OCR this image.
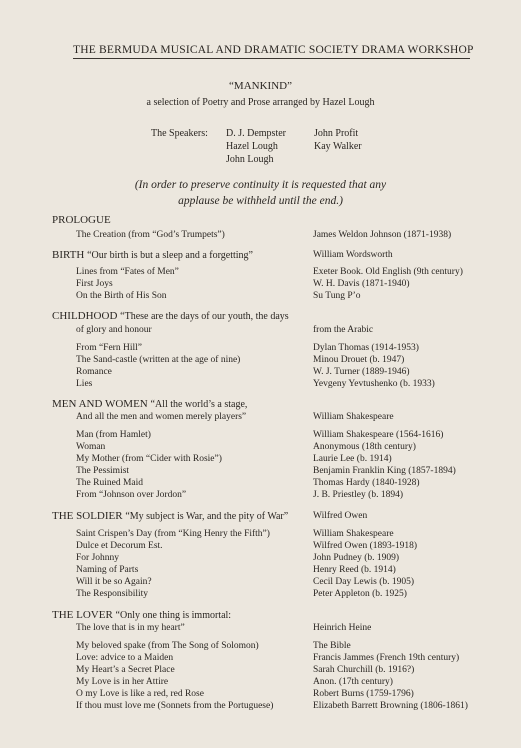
THE BERMUDA MUSICAL AND DRAMATIC SOCIETY DRAMA WORKSHOP
“MANKIND”
a selection of Poetry and Prose arranged by Hazel Lough
The Speakers: D. J. Dempster
Hazel Lough
John Lough
John Profit
Kay Walker
(In order to preserve continuity it is requested that any
applause be withheld until the end.)
PROLOGUE
The Creation (from “God’s Trumpets”)	James Weldon Johnson (1871-1938)
BIRTH “Our birth is but a sleep and a forgetting”	William Wordsworth
Lines from “Fates of Men”	Exeter Book. Old English (9th century)
First Joys	W. H. Davis (1871-1940)
On the Birth of His Son	Su Tung P’o
CHILDHOOD “These are the days of our youth, the days
of glory and honour	from the Arabic
From “Fern Hill”	Dylan Thomas (1914-1953)
The Sand-castle (written at the age of nine)	Minou Drouet (b. 1947)
Romance	W. J. Turner (1889-1946)
Lies	Yevgeny Yevtushenko (b. 1933)
MEN AND WOMEN “All the world’s a stage,
And all the men and women merely players”	William Shakespeare
Man (from Hamlet)	William Shakespeare (1564-1616)
Woman	Anonymous (18th century)
My Mother (from “Cider with Rosie”)	Laurie Lee (b. 1914)
The Pessimist	Benjamin Franklin King (1857-1894)
The Ruined Maid	Thomas Hardy (1840-1928)
From “Johnson over Jordon”	J. B. Priestley (b. 1894)
THE SOLDIER “My subject is War, and the pity of War”	Wilfred Owen
Saint Crispen’s Day (from “King Henry the Fifth”)	William Shakespeare
Dulce et Decorum Est.	Wilfred Owen (1893-1918)
For Johnny	John Pudney (b. 1909)
Naming of Parts	Henry Reed (b. 1914)
Will it be so Again?	Cecil Day Lewis (b. 1905)
The Responsibility	Peter Appleton (b. 1925)
THE LOVER “Only one thing is immortal:
The love that is in my heart”	Heinrich Heine
My beloved spake (from The Song of Solomon)	The Bible
Love: advice to a Maiden	Francis Jammes (French 19th century)
My Heart’s a Secret Place	Sarah Churchill (b. 1916?)
My Love is in her Attire	Anon. (17th century)
O my Love is like a red, red Rose	Robert Burns (1759-1796)
If thou must love me (Sonnets from the Portuguese)	Elizabeth Barrett Browning (1806-1861)
